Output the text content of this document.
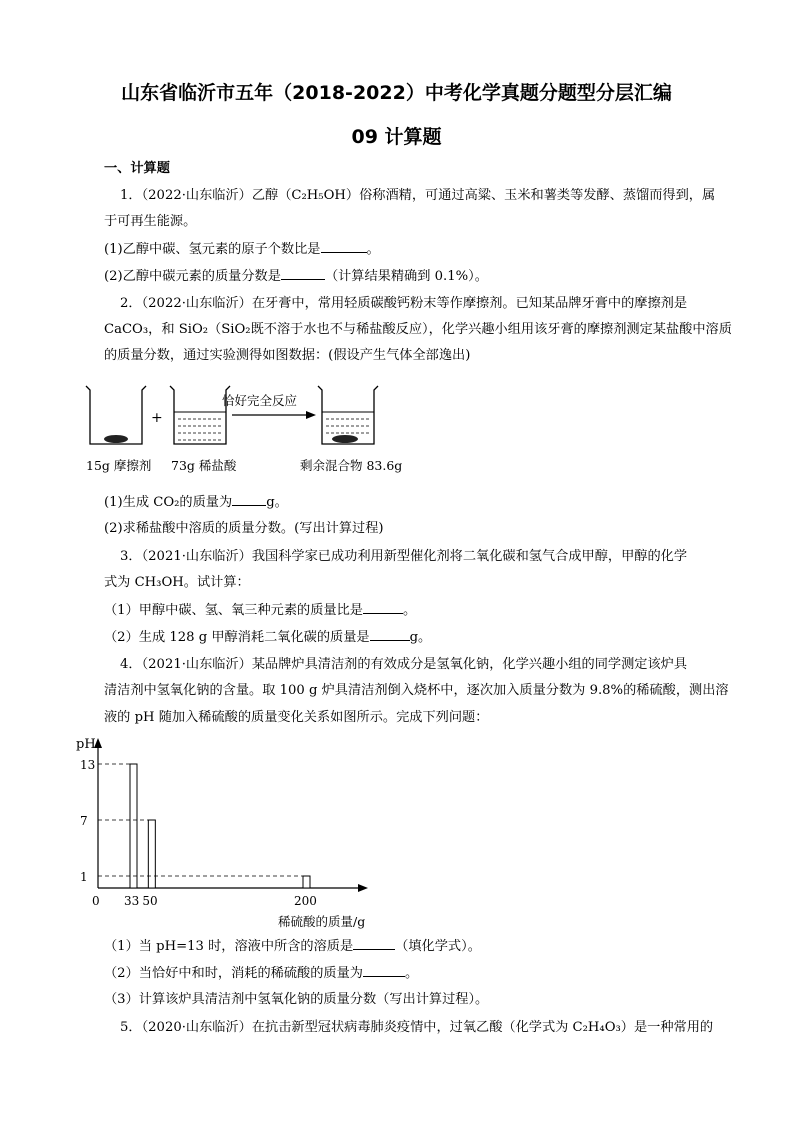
山东省临沂市五年（2018-2022）中考化学真题分题型分层汇编
09 计算题
一、计算题
1．（2022·山东临沂）乙醇（C₂H₅OH）俗称酒精，可通过高粱、玉米和薯类等发酵、蒸馏而得到，属
于可再生能源。
(1)乙醇中碳、氢元素的原子个数比是	。
(2)乙醇中碳元素的质量分数是	（计算结果精确到 0.1%）。
2．（2022·山东临沂）在牙膏中，常用轻质碳酸钙粉末等作摩擦剂。已知某品牌牙膏中的摩擦剂是
CaCO₃，和 SiO₂（SiO₂既不溶于水也不与稀盐酸反应），化学兴趣小组用该牙膏的摩擦剂测定某盐酸中溶质
的质量分数，通过实验测得如图数据：(假设产生气体全部逸出)
+
恰好完全反应
15g 摩擦剂 73g 稀盐酸	剩余混合物 83.6g
(1)生成 CO₂的质量为	g。
(2)求稀盐酸中溶质的质量分数。(写出计算过程)
3．（2021·山东临沂）我国科学家已成功利用新型催化剂将二氧化碳和氢气合成甲醇，甲醇的化学
式为 CH₃OH。试计算：
（1）甲醇中碳、氢、氧三种元素的质量比是	。
（2）生成 128 g 甲醇消耗二氧化碳的质量是	g。
4．（2021·山东临沂）某品牌炉具清洁剂的有效成分是氢氧化钠，化学兴趣小组的同学测定该炉具
清洁剂中氢氧化钠的含量。取 100 g 炉具清洁剂倒入烧杯中，逐次加入质量分数为 9.8%的稀硫酸，测出溶
液的 pH 随加入稀硫酸的质量变化关系如图所示。完成下列问题：
pH
0
13
33
7
50
1
200
稀硫酸的质量/g
（1）当 pH=13 时，溶液中所含的溶质是	（填化学式）。
（2）当恰好中和时，消耗的稀硫酸的质量为	。
（3）计算该炉具清洁剂中氢氧化钠的质量分数（写出计算过程）。
5．（2020·山东临沂）在抗击新型冠状病毒肺炎疫情中，过氧乙酸（化学式为 C₂H₄O₃）是一种常用的
